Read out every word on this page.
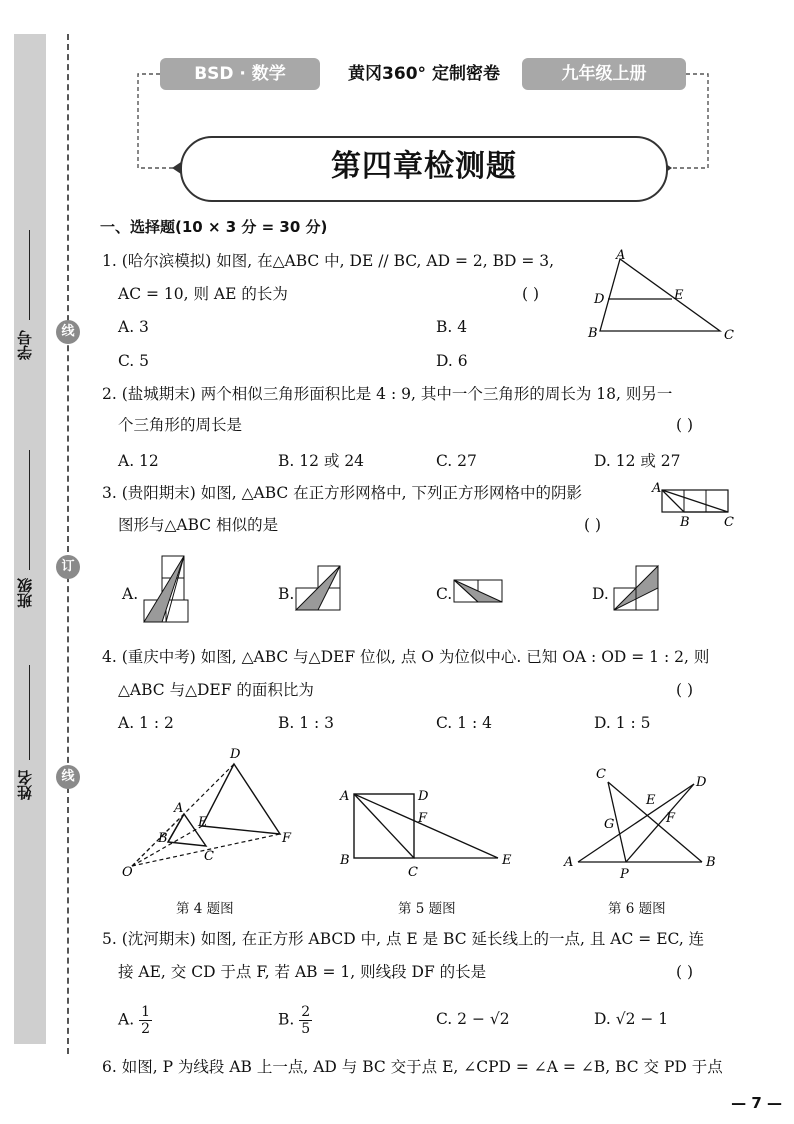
学号
班级
姓名
线
订
线
BSD · 数学	黄冈360° 定制密卷	九年级上册
第四章检测题
一、选择题(10 × 3 分 = 30 分)
1. (哈尔滨模拟) 如图, 在△ABC 中, DE // BC, AD = 2, BD = 3,
AC = 10, 则 AE 的长为	( )
A. 3	B. 4
C. 5	D. 6
A
D	E
B	C
2. (盐城期末) 两个相似三角形面积比是 4 : 9, 其中一个三角形的周长为 18, 则另一
个三角形的周长是	( )
A. 12	B. 12 或 24	C. 27	D. 12 或 27
3. (贵阳期末) 如图, △ABC 在正方形网格中, 下列正方形网格中的阴影
图形与△ABC 相似的是	( )
A
B	C
A.	B.	C.	D.
4. (重庆中考) 如图, △ABC 与△DEF 位似, 点 O 为位似中心. 已知 OA : OD = 1 : 2, 则
△ABC 与△DEF 的面积比为	( )
A. 1 : 2	B. 1 : 3	C. 1 : 4	D. 1 : 5
D
A
E
B	F
C
O
第 4 题图
A	D
F
B
C
E
第 5 题图
C
D
E
G	F
A
P
B
第 6 题图
5. (沈河期末) 如图, 在正方形 ABCD 中, 点 E 是 BC 延长线上的一点, 且 AC = EC, 连
接 AE, 交 CD 于点 F, 若 AB = 1, 则线段 DF 的长是	( )
A. $\frac{1}{2}$	B. $\frac{2}{5}$	C. 2 − √2	D. √2 − 1
6. 如图, P 为线段 AB 上一点, AD 与 BC 交于点 E, ∠CPD = ∠A = ∠B, BC 交 PD 于点
— 7 —
